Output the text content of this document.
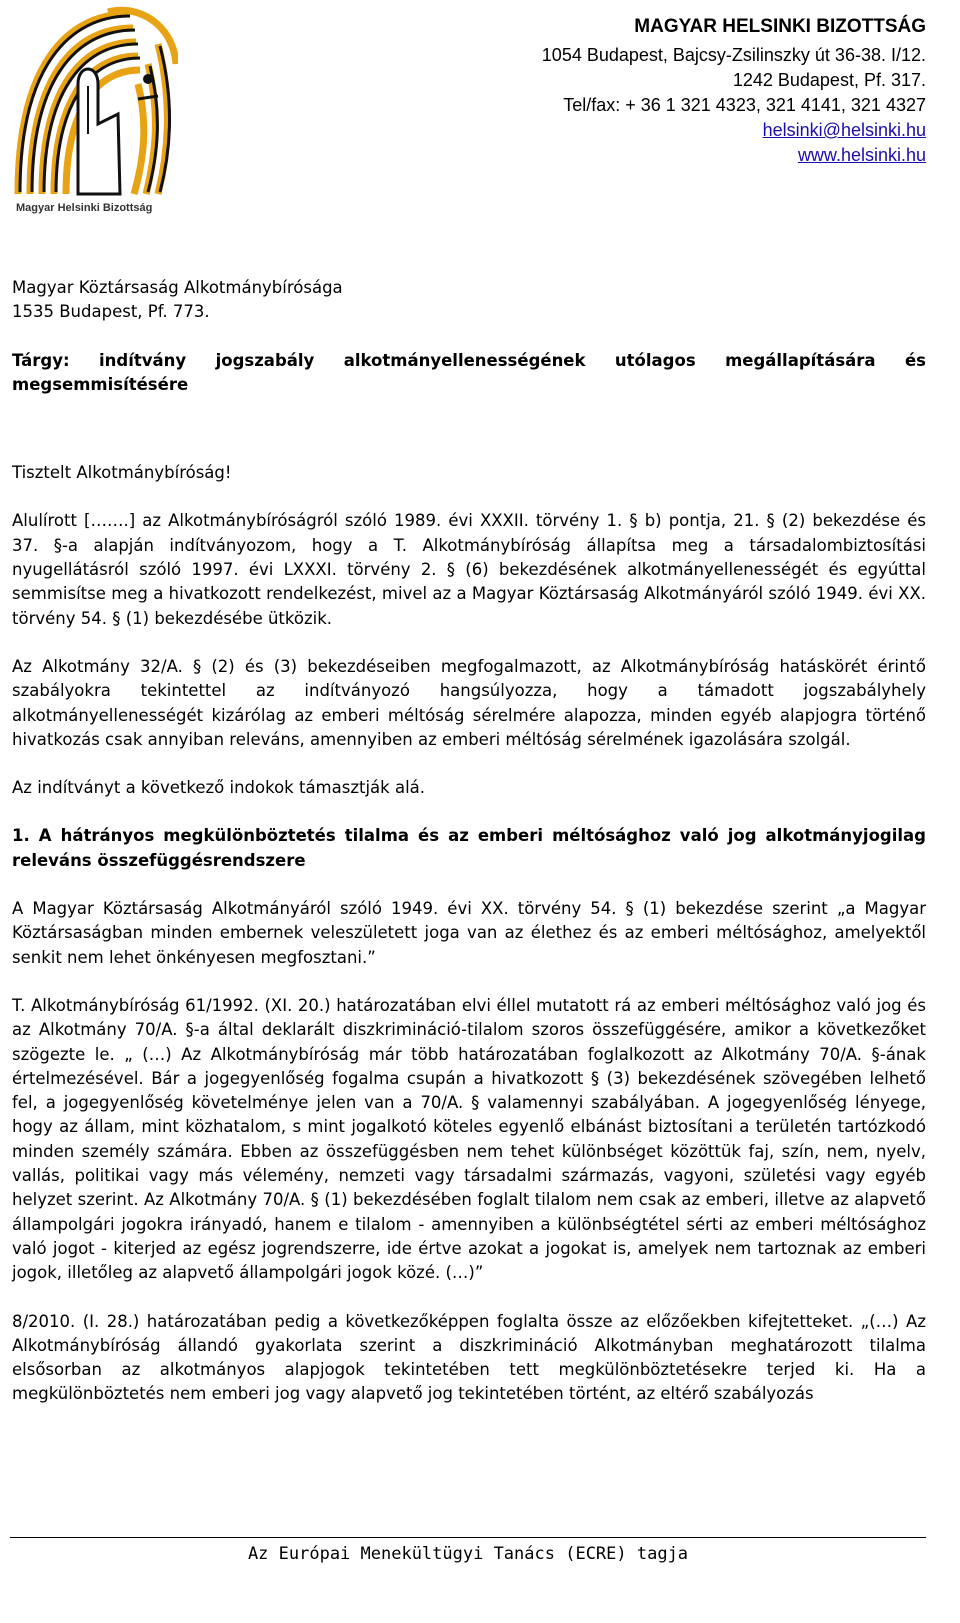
Magyar Helsinki Bizottság
MAGYAR HELSINKI BIZOTTSÁG
1054 Budapest, Bajcsy-Zsilinszky út 36-38. I/12.
1242 Budapest, Pf. 317.
Tel/fax: + 36 1 321 4323, 321 4141, 321 4327
helsinki@helsinki.hu
www.helsinki.hu

Magyar Köztársaság Alkotmánybírósága

1535 Budapest, Pf. 773.

Tárgy: indítvány jogszabály alkotmányellenességének utólagos megállapítására és megsemmisítésére

Tisztelt Alkotmánybíróság!

Alulírott […….] az Alkotmánybíróságról szóló 1989. évi XXXII. törvény 1. § b) pontja, 21. § (2) bekezdése és 37. §-a alapján indítványozom, hogy a T. Alkotmánybíróság állapítsa meg a társadalombiztosítási nyugellátásról szóló 1997. évi LXXXI. törvény 2. § (6) bekezdésének alkotmányellenességét és egyúttal semmisítse meg a hivatkozott rendelkezést, mivel az a Magyar Köztársaság Alkotmányáról szóló 1949. évi XX. törvény 54. § (1) bekezdésébe ütközik.

Az Alkotmány 32/A. § (2) és (3) bekezdéseiben megfogalmazott, az Alkotmánybíróság hatáskörét érintő szabályokra tekintettel az indítványozó hangsúlyozza, hogy a támadott jogszabályhely alkotmányellenességét kizárólag az emberi méltóság sérelmére alapozza, minden egyéb alapjogra történő hivatkozás csak annyiban releváns, amennyiben az emberi méltóság sérelmének igazolására szolgál.

Az indítványt a következő indokok támasztják alá.

1. A hátrányos megkülönböztetés tilalma és az emberi méltósághoz való jog alkotmányjogilag releváns összefüggésrendszere

A Magyar Köztársaság Alkotmányáról szóló 1949. évi XX. törvény 54. § (1) bekezdése szerint „a Magyar Köztársaságban minden embernek veleszületett joga van az élethez és az emberi méltósághoz, amelyektől senkit nem lehet önkényesen megfosztani.”

T. Alkotmánybíróság 61/1992. (XI. 20.) határozatában elvi éllel mutatott rá az emberi méltósághoz való jog és az Alkotmány 70/A. §-a által deklarált diszkrimináció-tilalom szoros összefüggésére, amikor a következőket szögezte le. „ (…) Az Alkotmánybíróság már több határozatában foglalkozott az Alkotmány 70/A. §-ának értelmezésével. Bár a jogegyenlőség fogalma csupán a hivatkozott § (3) bekezdésének szövegében lelhető fel, a jogegyenlőség követelménye jelen van a 70/A. § valamennyi szabályában. A jogegyenlőség lényege, hogy az állam, mint közhatalom, s mint jogalkotó köteles egyenlő elbánást biztosítani a területén tartózkodó minden személy számára. Ebben az összefüggésben nem tehet különbséget közöttük faj, szín, nem, nyelv, vallás, politikai vagy más vélemény, nemzeti vagy társadalmi származás, vagyoni, születési vagy egyéb helyzet szerint. Az Alkotmány 70/A. § (1) bekezdésében foglalt tilalom nem csak az emberi, illetve az alapvető állampolgári jogokra irányadó, hanem e tilalom - amennyiben a különbségtétel sérti az emberi méltósághoz való jogot - kiterjed az egész jogrendszerre, ide értve azokat a jogokat is, amelyek nem tartoznak az emberi jogok, illetőleg az alapvető állampolgári jogok közé. (…)”

8/2010. (I. 28.) határozatában pedig a következőképpen foglalta össze az előzőekben kifejtetteket. „(…) Az Alkotmánybíróság állandó gyakorlata szerint a diszkrimináció Alkotmányban meghatározott tilalma elsősorban az alkotmányos alapjogok tekintetében tett megkülönböztetésekre terjed ki. Ha a megkülönböztetés nem emberi jog vagy alapvető jog tekintetében történt, az eltérő szabályozás

Az Európai Menekültügyi Tanács (ECRE) tagja
